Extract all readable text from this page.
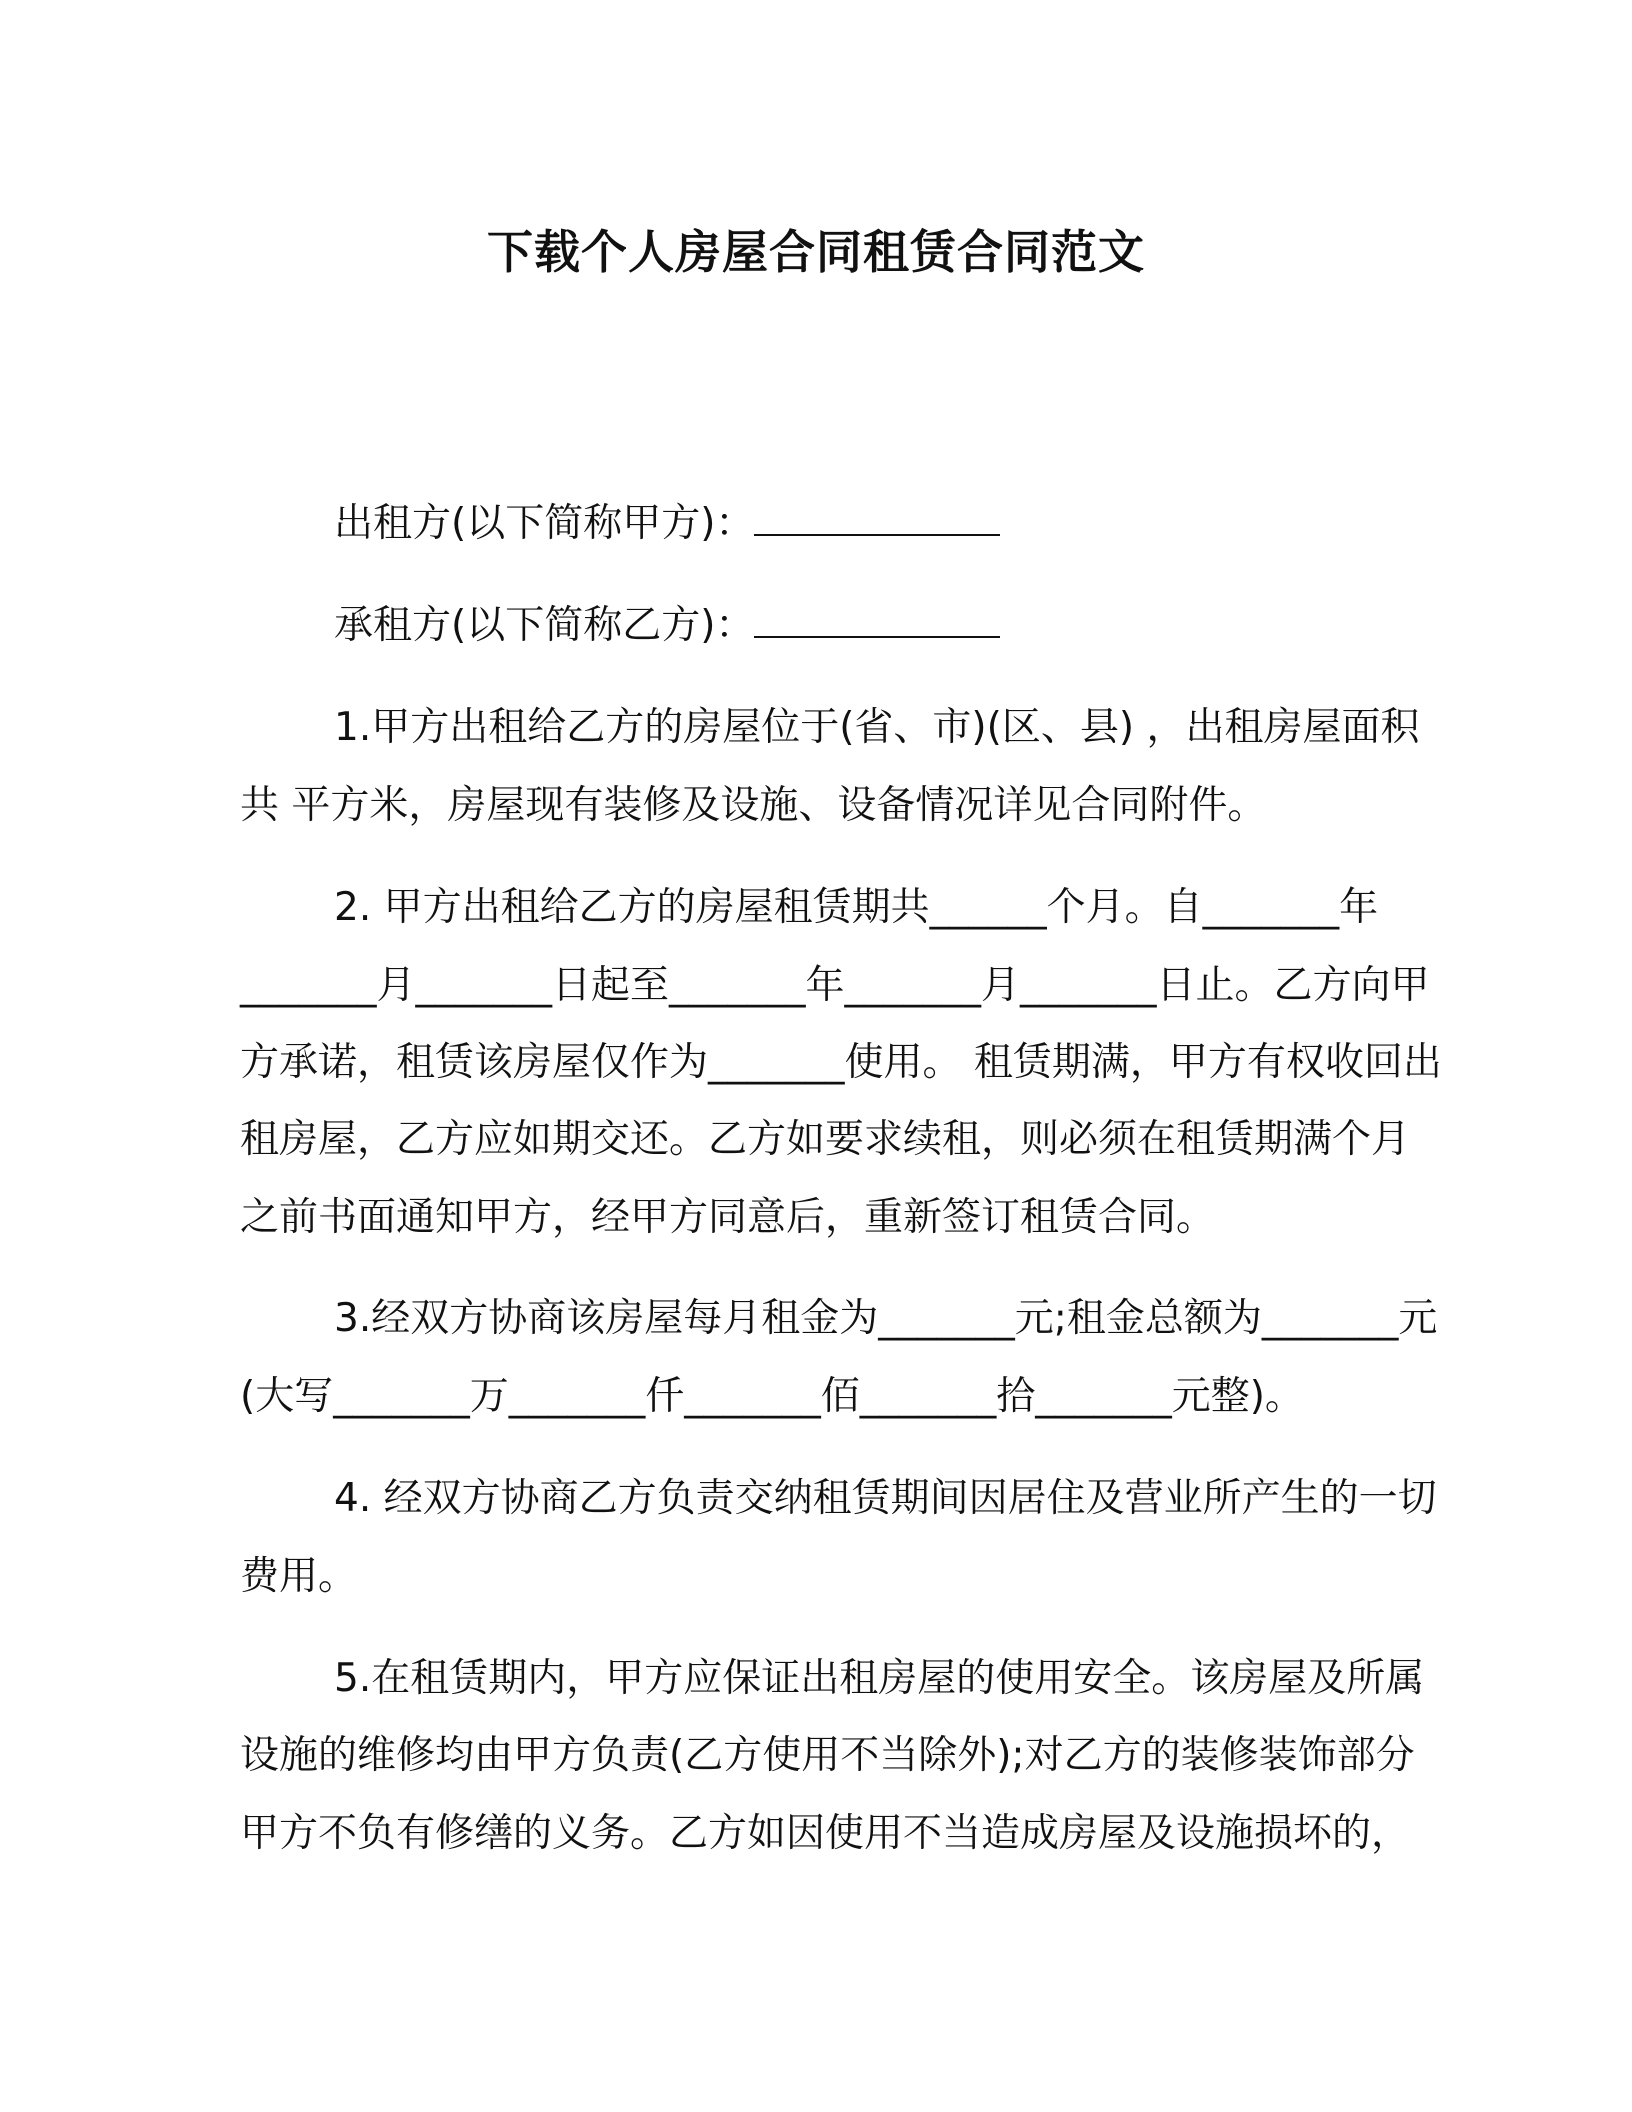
下载个人房屋合同租赁合同范文
出租方(以下简称甲方)：
承租方(以下简称乙方)：
1.甲方出租给乙方的房屋位于(省、市)(区、县) ，出租房屋面积
共 平方米，房屋现有装修及设施、设备情况详见合同附件。
2. 甲方出租给乙方的房屋租赁期共______个月。自_______年
_______月_______日起至_______年_______月_______日止。乙方向甲
方承诺，租赁该房屋仅作为_______使用。 租赁期满，甲方有权收回出
租房屋，乙方应如期交还。乙方如要求续租，则必须在租赁期满个月
之前书面通知甲方，经甲方同意后，重新签订租赁合同。
3.经双方协商该房屋每月租金为_______元;租金总额为_______元
(大写_______万_______仟_______佰_______拾_______元整)。
4. 经双方协商乙方负责交纳租赁期间因居住及营业所产生的一切
费用。
5.在租赁期内，甲方应保证出租房屋的使用安全。该房屋及所属
设施的维修均由甲方负责(乙方使用不当除外);对乙方的装修装饰部分
甲方不负有修缮的义务。乙方如因使用不当造成房屋及设施损坏的，
